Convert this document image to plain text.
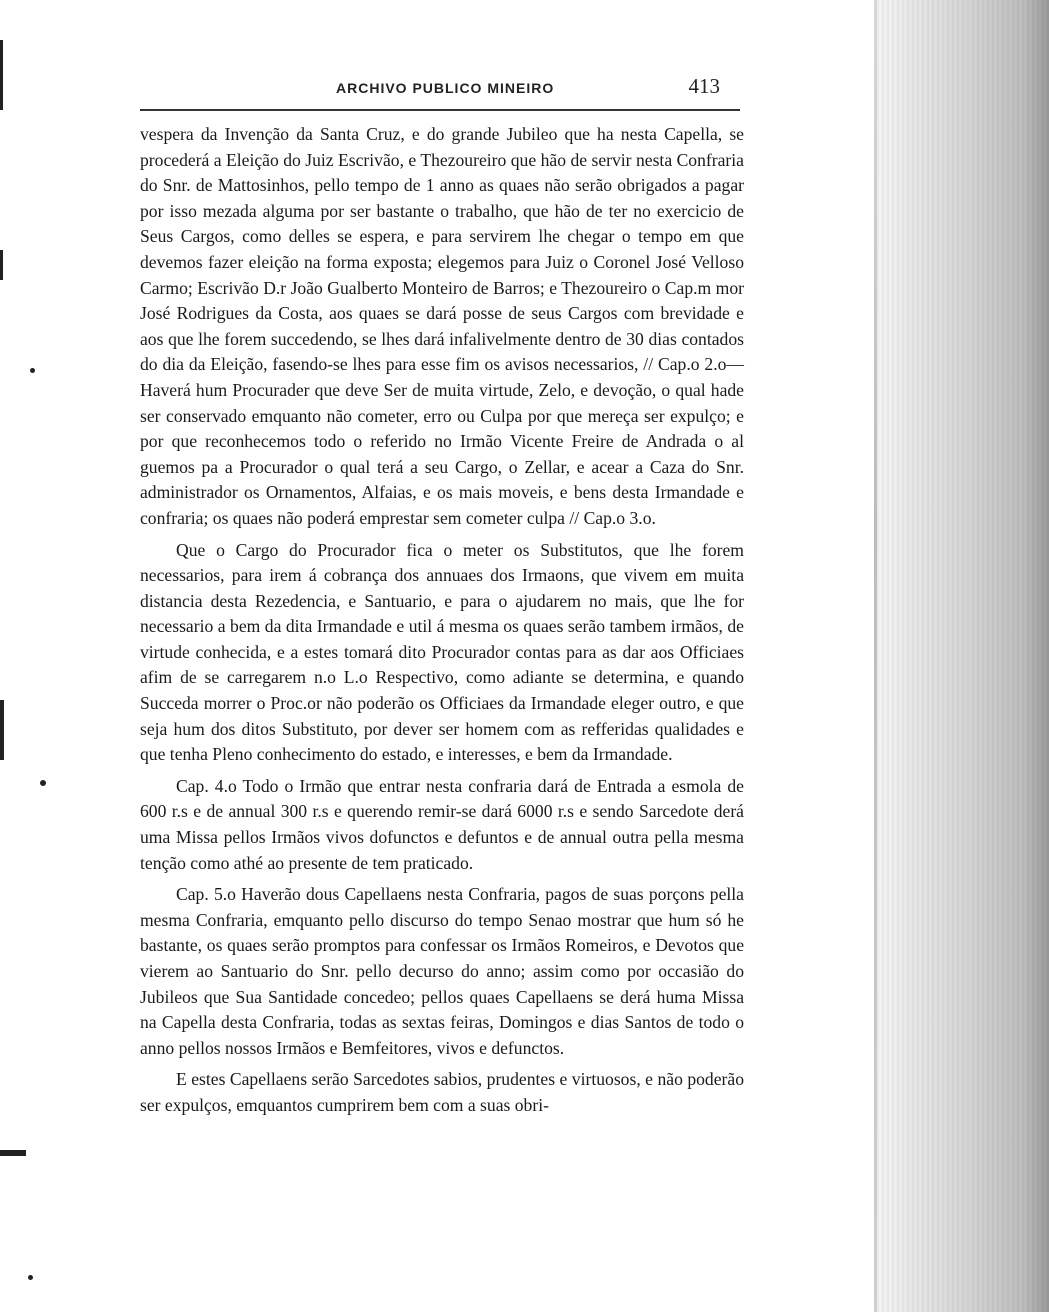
ARCHIVO PUBLICO MINEIRO	413

vespera da Invenção da Santa Cruz, e do grande Jubileo que ha nesta Capella, se procederá a Eleição do Juiz Escrivão, e Thezoureiro que hão de servir nesta Confraria do Snr. de Mattosinhos, pello tempo de 1 anno as quaes não serão obrigados a pagar por isso mezada alguma por ser bastante o trabalho, que hão de ter no exercicio de Seus Cargos, como delles se espera, e para servirem lhe chegar o tempo em que devemos fazer eleição na forma exposta; elegemos para Juiz o Coronel José Velloso Carmo; Escrivão D.r João Gualberto Monteiro de Barros; e Thezoureiro o Cap.m mor José Rodrigues da Costa, aos quaes se dará posse de seus Cargos com brevidade e aos que lhe forem succedendo, se lhes dará infalivelmente dentro de 30 dias contados do dia da Eleição, fasendo-se lhes para esse fim os avisos necessarios, // Cap.o 2.o—Haverá hum Procurader que deve Ser de muita virtude, Zelo, e devoção, o qual hade ser conservado emquanto não cometer, erro ou Culpa por que mereça ser expulço; e por que reconhecemos todo o referido no Irmão Vicente Freire de Andrada o al guemos pa a Procurador o qual terá a seu Cargo, o Zellar, e acear a Caza do Snr. administrador os Ornamentos, Alfaias, e os mais moveis, e bens desta Irmandade e confraria; os quaes não poderá emprestar sem cometer culpa // Cap.o 3.o.

Que o Cargo do Procurador fica o meter os Substitutos, que lhe forem necessarios, para irem á cobrança dos annuaes dos Irmaons, que vivem em muita distancia desta Rezedencia, e Santuario, e para o ajudarem no mais, que lhe for necessario a bem da dita Irmandade e util á mesma os quaes serão tambem irmãos, de virtude conhecida, e a estes tomará dito Procurador contas para as dar aos Officiaes afim de se carregarem n.o L.o Respectivo, como adiante se determina, e quando Succeda morrer o Proc.or não poderão os Officiaes da Irmandade eleger outro, e que seja hum dos ditos Substituto, por dever ser homem com as refferidas qualidades e que tenha Pleno conhecimento do estado, e interesses, e bem da Irmandade.

Cap. 4.o Todo o Irmão que entrar nesta confraria dará de Entrada a esmola de 600 r.s e de annual 300 r.s e querendo remir-se dará 6000 r.s e sendo Sarcedote derá uma Missa pellos Irmãos vivos dofunctos e defuntos e de annual outra pella mesma tenção como athé ao presente de tem praticado.

Cap. 5.o Haverão dous Capellaens nesta Confraria, pagos de suas porçons pella mesma Confraria, emquanto pello discurso do tempo Senao mostrar que hum só he bastante, os quaes serão promptos para confessar os Irmãos Romeiros, e Devotos que vierem ao Santuario do Snr. pello decurso do anno; assim como por occasião do Jubileos que Sua Santidade concedeo; pellos quaes Capellaens se derá huma Missa na Capella desta Confraria, todas as sextas feiras, Domingos e dias Santos de todo o anno pellos nossos Irmãos e Bemfeitores, vivos e defunctos.

E estes Capellaens serão Sarcedotes sabios, prudentes e virtuosos, e não poderão ser expulços, emquantos cumprirem bem com a suas obri-
